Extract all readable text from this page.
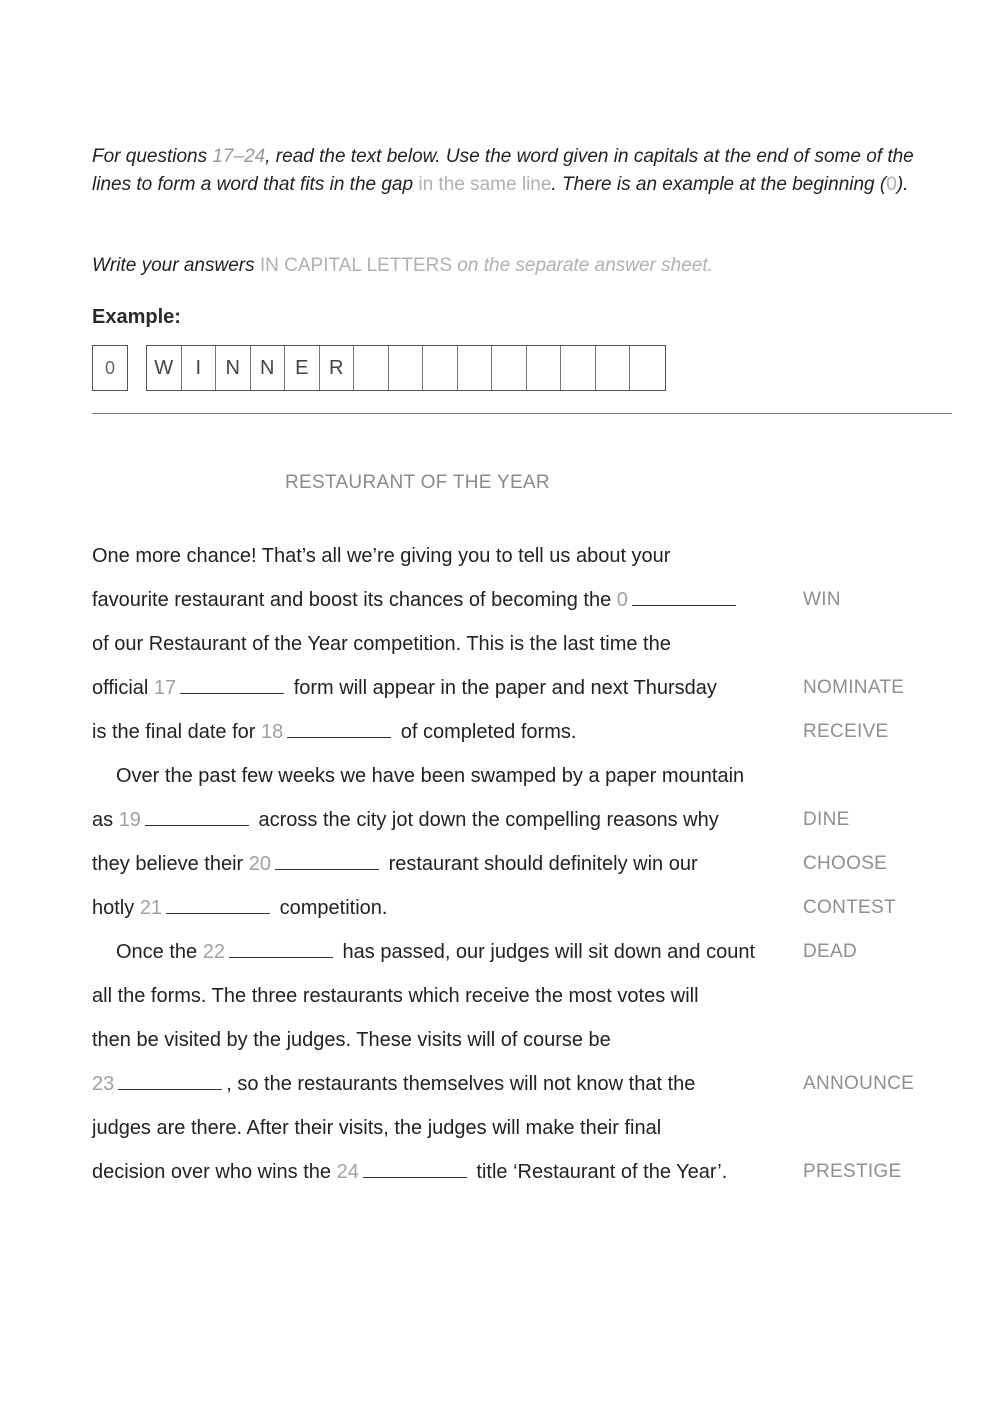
For questions 17–24, read the text below. Use the word given in capitals at the end of some of the lines to form a word that fits in the gap in the same line. There is an example at the beginning (0).
Write your answers IN CAPITAL LETTERS on the separate answer sheet.
Example:
0	W	I	N	N	E	R
RESTAURANT OF THE YEAR
One more chance! That’s all we’re giving you to tell us about your
favourite restaurant and boost its chances of becoming the 0	WIN
of our Restaurant of the Year competition. This is the last time the
official 17	form will appear in the paper and next Thursday	NOMINATE
is the final date for 18	of completed forms.	RECEIVE
Over the past few weeks we have been swamped by a paper mountain
as 19	across the city jot down the compelling reasons why	DINE
they believe their 20	restaurant should definitely win our	CHOOSE
hotly 21	competition.	CONTEST
Once the 22	has passed, our judges will sit down and count	DEAD
all the forms. The three restaurants which receive the most votes will
then be visited by the judges. These visits will of course be
23	, so the restaurants themselves will not know that the	ANNOUNCE
judges are there. After their visits, the judges will make their final
decision over who wins the 24	title ‘Restaurant of the Year’.	PRESTIGE
